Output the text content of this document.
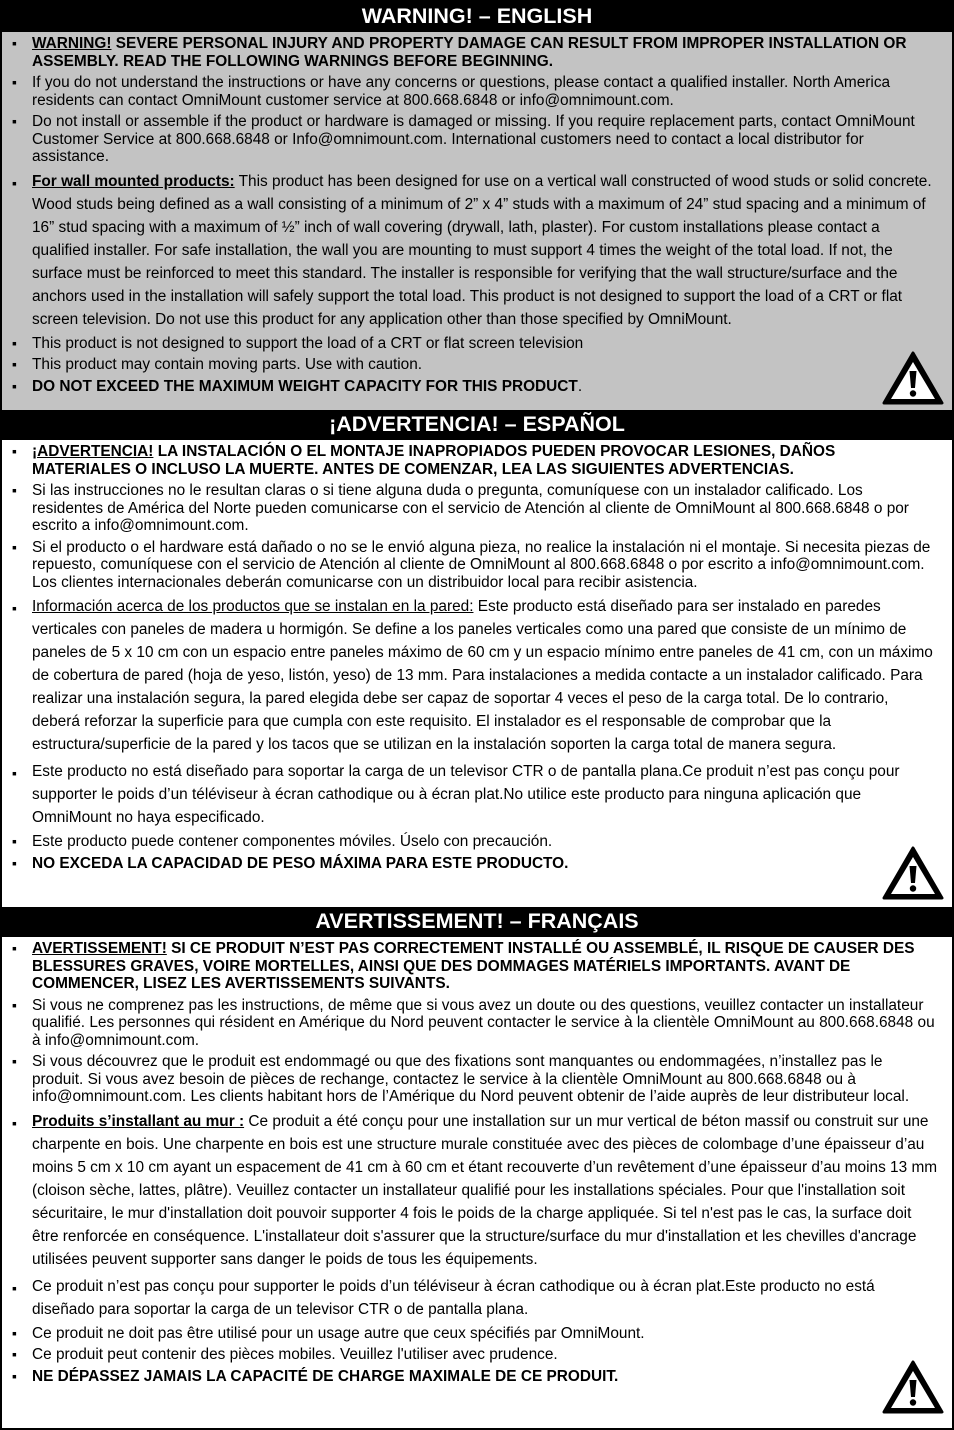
WARNING! – ENGLISH
▪ WARNING! SEVERE PERSONAL INJURY AND PROPERTY DAMAGE CAN RESULT FROM IMPROPER INSTALLATION OR ASSEMBLY. READ THE FOLLOWING WARNINGS BEFORE BEGINNING.
▪ If you do not understand the instructions or have any concerns or questions, please contact a qualified installer. North America residents can contact OmniMount customer service at 800.668.6848 or info@omnimount.com.
▪ Do not install or assemble if the product or hardware is damaged or missing. If you require replacement parts, contact OmniMount Customer Service at 800.668.6848 or Info@omnimount.com. International customers need to contact a local distributor for assistance.
▪ For wall mounted products: This product has been designed for use on a vertical wall constructed of wood studs or solid concrete. Wood studs being defined as a wall consisting of a minimum of 2” x 4” studs with a maximum of 24” stud spacing and a minimum of 16” stud spacing with a maximum of ½” inch of wall covering (drywall, lath, plaster). For custom installations please contact a qualified installer. For safe installation, the wall you are mounting to must support 4 times the weight of the total load. If not, the surface must be reinforced to meet this standard. The installer is responsible for verifying that the wall structure/surface and the anchors used in the installation will safely support the total load. This product is not designed to support the load of a CRT or flat screen television. Do not use this product for any application other than those specified by OmniMount.
▪ This product is not designed to support the load of a CRT or flat screen television
▪ This product may contain moving parts. Use with caution.
▪ DO NOT EXCEED THE MAXIMUM WEIGHT CAPACITY FOR THIS PRODUCT.
¡ADVERTENCIA! – ESPAÑOL
▪ ¡ADVERTENCIA! LA INSTALACIÓN O EL MONTAJE INAPROPIADOS PUEDEN PROVOCAR LESIONES, DAÑOS MATERIALES O INCLUSO LA MUERTE. ANTES DE COMENZAR, LEA LAS SIGUIENTES ADVERTENCIAS.
▪ Si las instrucciones no le resultan claras o si tiene alguna duda o pregunta, comuníquese con un instalador calificado. Los residentes de América del Norte pueden comunicarse con el servicio de Atención al cliente de OmniMount al 800.668.6848 o por escrito a info@omnimount.com.
▪ Si el producto o el hardware está dañado o no se le envió alguna pieza, no realice la instalación ni el montaje. Si necesita piezas de repuesto, comuníquese con el servicio de Atención al cliente de OmniMount al 800.668.6848 o por escrito a info@omnimount.com. Los clientes internacionales deberán comunicarse con un distribuidor local para recibir asistencia.
▪ Información acerca de los productos que se instalan en la pared: Este producto está diseñado para ser instalado en paredes verticales con paneles de madera u hormigón. Se define a los paneles verticales como una pared que consiste de un mínimo de paneles de 5 x 10 cm con un espacio entre paneles máximo de 60 cm y un espacio mínimo entre paneles de 41 cm, con un máximo de cobertura de pared (hoja de yeso, listón, yeso) de 13 mm. Para instalaciones a medida contacte a un instalador calificado. Para realizar una instalación segura, la pared elegida debe ser capaz de soportar 4 veces el peso de la carga total. De lo contrario, deberá reforzar la superficie para que cumpla con este requisito. El instalador es el responsable de comprobar que la estructura/superficie de la pared y los tacos que se utilizan en la instalación soporten la carga total de manera segura.
▪ Este producto no está diseñado para soportar la carga de un televisor CTR o de pantalla plana.Ce produit n’est pas conçu pour supporter le poids d’un téléviseur à écran cathodique ou à écran plat.No utilice este producto para ninguna aplicación que OmniMount no haya especificado.
▪ Este producto puede contener componentes móviles. Úselo con precaución.
▪ NO EXCEDA LA CAPACIDAD DE PESO MÁXIMA PARA ESTE PRODUCTO.
AVERTISSEMENT! – FRANÇAIS
▪ AVERTISSEMENT! SI CE PRODUIT N’EST PAS CORRECTEMENT INSTALLÉ OU ASSEMBLÉ, IL RISQUE DE CAUSER DES BLESSURES GRAVES, VOIRE MORTELLES, AINSI QUE DES DOMMAGES MATÉRIELS IMPORTANTS. AVANT DE COMMENCER, LISEZ LES AVERTISSEMENTS SUIVANTS.
▪ Si vous ne comprenez pas les instructions, de même que si vous avez un doute ou des questions, veuillez contacter un installateur qualifié. Les personnes qui résident en Amérique du Nord peuvent contacter le service à la clientèle OmniMount au 800.668.6848 ou à info@omnimount.com.
▪ Si vous découvrez que le produit est endommagé ou que des fixations sont manquantes ou endommagées, n’installez pas le produit. Si vous avez besoin de pièces de rechange, contactez le service à la clientèle OmniMount au 800.668.6848 ou à info@omnimount.com. Les clients habitant hors de l’Amérique du Nord peuvent obtenir de l’aide auprès de leur distributeur local.
▪ Produits s’installant au mur : Ce produit a été conçu pour une installation sur un mur vertical de béton massif ou construit sur une charpente en bois. Une charpente en bois est une structure murale constituée avec des pièces de colombage d’une épaisseur d’au moins 5 cm x 10 cm ayant un espacement de 41 cm à 60 cm et étant recouverte d’un revêtement d’une épaisseur d’au moins 13 mm (cloison sèche, lattes, plâtre). Veuillez contacter un installateur qualifié pour les installations spéciales. Pour que l'installation soit sécuritaire, le mur d'installation doit pouvoir supporter 4 fois le poids de la charge appliquée. Si tel n'est pas le cas, la surface doit être renforcée en conséquence. L'installateur doit s'assurer que la structure/surface du mur d'installation et les chevilles d'ancrage utilisées peuvent supporter sans danger le poids de tous les équipements.
▪ Ce produit n’est pas conçu pour supporter le poids d’un téléviseur à écran cathodique ou à écran plat.Este producto no está diseñado para soportar la carga de un televisor CTR o de pantalla plana.
▪ Ce produit ne doit pas être utilisé pour un usage autre que ceux spécifiés par OmniMount.
▪ Ce produit peut contenir des pièces mobiles. Veuillez l'utiliser avec prudence.
▪ NE DÉPASSEZ JAMAIS LA CAPACITÉ DE CHARGE MAXIMALE DE CE PRODUIT.
